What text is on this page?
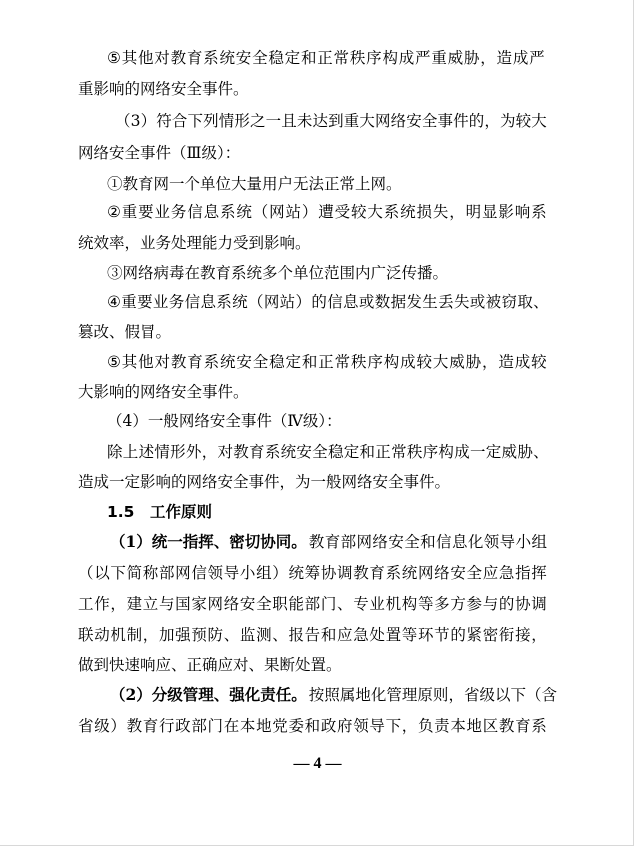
⑤ 其 他 对 教 育 系 统 安 全 稳 定 和 正 常 秩 序 构 成 严 重 威 胁 ， 造 成 严
重影响的网络安全事件。
（ 3 ） 符 合 下 列 情 形 之 一 且 未 达 到 重 大 网 络 安 全 事 件 的 ， 为 较 大
网络安全事件（Ⅲ级）：
①教育网一个单位大量用户无法正常上网。
② 重 要 业 务 信 息 系 统 （ 网 站 ） 遭 受 较 大 系 统 损 失 ， 明 显 影 响 系
统效率，业务处理能力受到影响。
③网络病毒在教育系统多个单位范围内广泛传播。
④ 重 要 业 务 信 息 系 统 （ 网 站 ） 的 信 息 或 数 据 发 生 丢 失 或 被 窃 取 、
篡改、假冒。
⑤ 其 他 对 教 育 系 统 安 全 稳 定 和 正 常 秩 序 构 成 较 大 威 胁 ， 造 成 较
大影响的网络安全事件。
（4）一般网络安全事件（Ⅳ级）：
除 上 述 情 形 外 ， 对 教 育 系 统 安 全 稳 定 和 正 常 秩 序 构 成 一 定 威 胁 、
造成一定影响的网络安全事件，为一般网络安全事件。
1.5　工作原则
（1）统一指挥、密切协同。 教 育 部 网 络 安 全 和 信 息 化 领 导 小 组
（ 以 下 简 称 部 网 信 领 导 小 组 ） 统 筹 协 调 教 育 系 统 网 络 安 全 应 急 指 挥
工 作 ， 建 立 与 国 家 网 络 安 全 职 能 部 门 、 专 业 机 构 等 多 方 参 与 的 协 调
联 动 机 制 ， 加 强 预 防 、 监 测 、 报 告 和 应 急 处 置 等 环 节 的 紧 密 衔 接 ，
做到快速响应、正确应对、果断处置。
（2）分级管理、强化责任。 按 照 属 地 化 管 理 原 则 ， 省 级 以 下 （ 含
省 级 ） 教 育 行 政 部 门 在 本 地 党 委 和 政 府 领 导 下 ， 负 责 本 地 区 教 育 系
— 4 —
